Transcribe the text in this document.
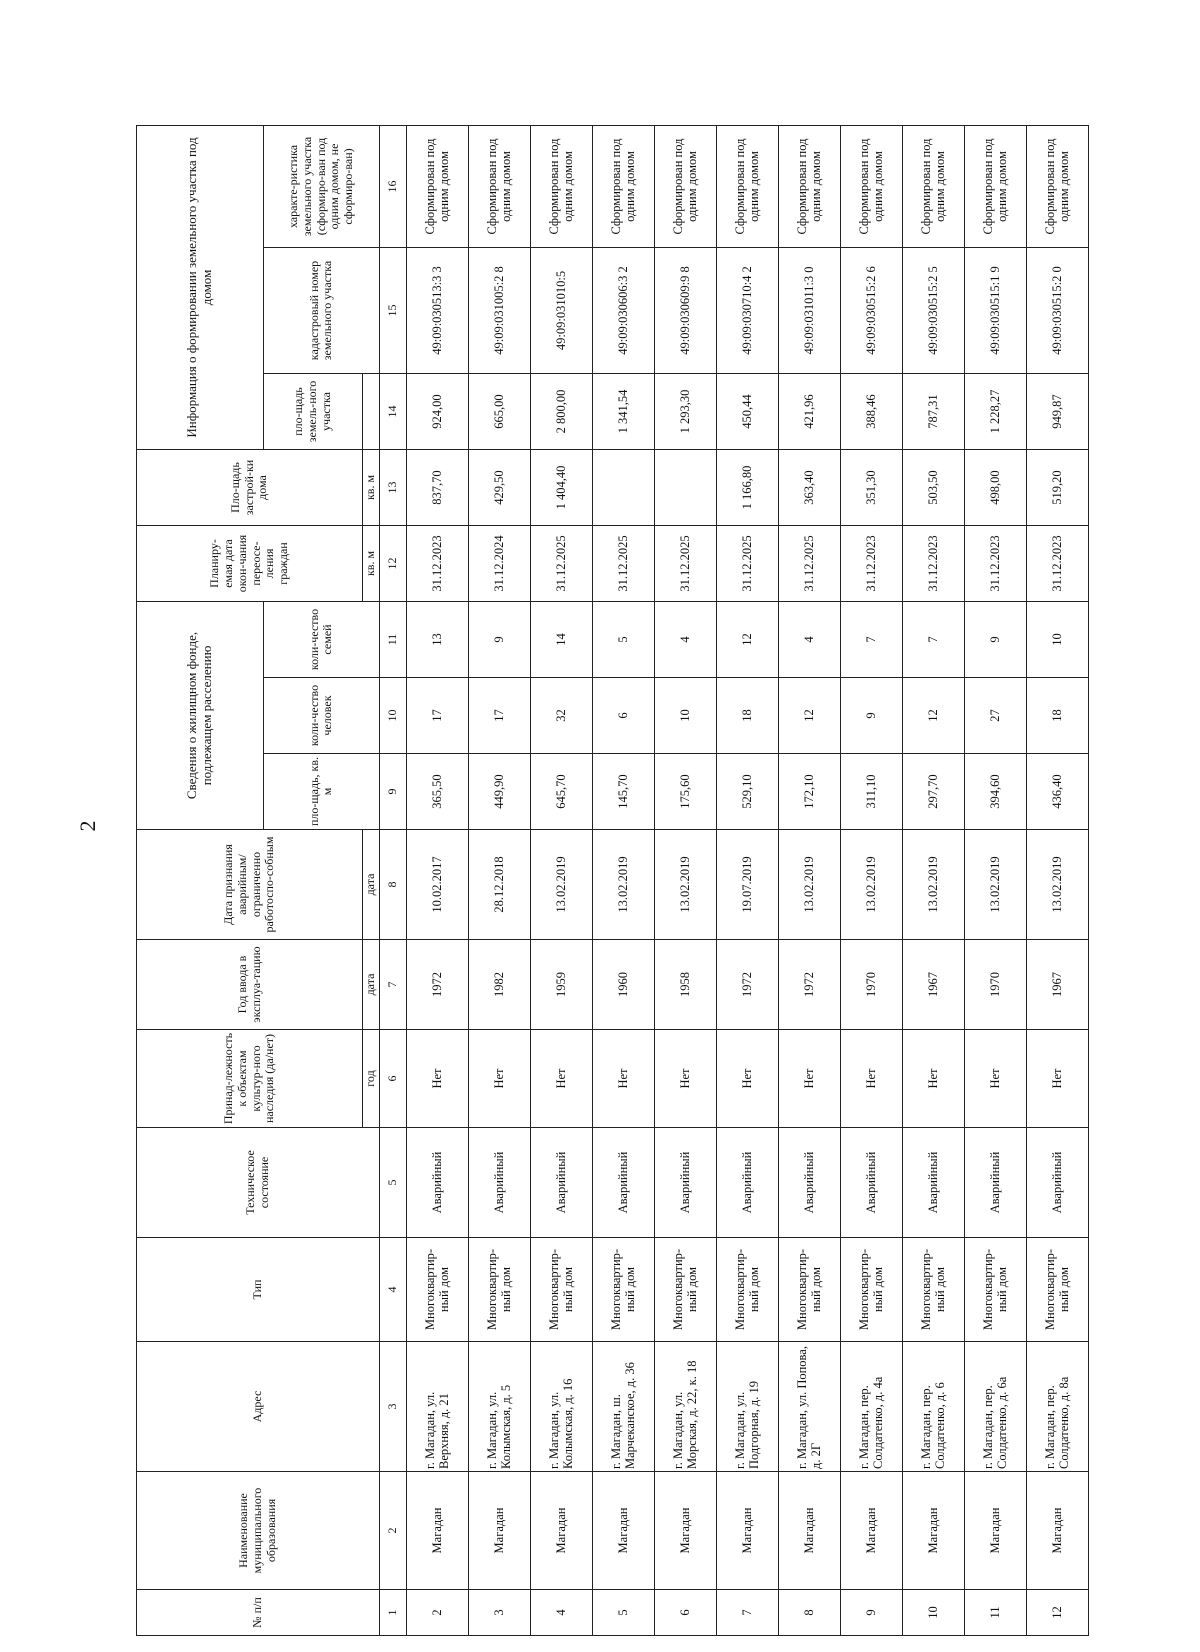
2
№ п/п	Наименование муниципального образования	Адрес	Тип	Техническое состояние	Принад-лежность к объектам культур-ного наследия (да/нет)	Год ввода в эксплуа-тацию	Дата признания аварийным/ ограниченно работоспо-собным	Сведения о жилищном фонде, подлежащем расселению			Планиру-емая дата окон-чания переосе-ления граждан	Пло-щадь застрой-ки дома	Информация о формировании земельного участка под домом		
								пло-щадь, кв. м	коли-чество человек	коли-чество семей			пло-щадь земель-ного участка	кадастровый номер земельного участка	характе-ристика земельного участка (сформиро-ван под одним домом, не сформиро-ван)
					год	дата	дата				кв. м	кв. м			
1	2	3	4	5	6	7	8	9	10	11	12	13	14	15	16
2	Магадан	г. Магадан, ул. Верхняя, д. 21	Многоквартир-ный дом	Аварийный	Нет	1972	10.02.2017	365,50	17	13	31.12.2023	837,70	924,00	49:09:030513:3 3	Сформирован под одним домом
3	Магадан	г. Магадан, ул. Колымская, д. 5	Многоквартир-ный дом	Аварийный	Нет	1982	28.12.2018	449,90	17	9	31.12.2024	429,50	665,00	49:09:031005:2 8	Сформирован под одним домом
4	Магадан	г. Магадан, ул. Колымская, д. 16	Многоквартир-ный дом	Аварийный	Нет	1959	13.02.2019	645,70	32	14	31.12.2025	1 404,40	2 800,00	49:09:031010:5	Сформирован под одним домом
5	Магадан	г. Магадан, ш. Марчеканское, д. 36	Многоквартир-ный дом	Аварийный	Нет	1960	13.02.2019	145,70	6	5	31.12.2025		1 341,54	49:09:030606:3 2	Сформирован под одним домом
6	Магадан	г. Магадан, ул. Морская, д. 22, к. 18	Многоквартир-ный дом	Аварийный	Нет	1958	13.02.2019	175,60	10	4	31.12.2025		1 293,30	49:09:030609:9 8	Сформирован под одним домом
7	Магадан	г. Магадан, ул. Подгорная, д. 19	Многоквартир-ный дом	Аварийный	Нет	1972	19.07.2019	529,10	18	12	31.12.2025	1 166,80	450,44	49:09:030710:4 2	Сформирован под одним домом
8	Магадан	г. Магадан, ул. Попова, д. 2Г	Многоквартир-ный дом	Аварийный	Нет	1972	13.02.2019	172,10	12	4	31.12.2025	363,40	421,96	49:09:031011:3 0	Сформирован под одним домом
9	Магадан	г. Магадан, пер. Солдатенко, д. 4а	Многоквартир-ный дом	Аварийный	Нет	1970	13.02.2019	311,10	9	7	31.12.2023	351,30	388,46	49:09:030515:2 6	Сформирован под одним домом
10	Магадан	г. Магадан, пер. Солдатенко, д. 6	Многоквартир-ный дом	Аварийный	Нет	1967	13.02.2019	297,70	12	7	31.12.2023	503,50	787,31	49:09:030515:2 5	Сформирован под одним домом
11	Магадан	г. Магадан, пер. Солдатенко, д. 6а	Многоквартир-ный дом	Аварийный	Нет	1970	13.02.2019	394,60	27	9	31.12.2023	498,00	1 228,27	49:09:030515:1 9	Сформирован под одним домом
12	Магадан	г. Магадан, пер. Солдатенко, д. 8а	Многоквартир-ный дом	Аварийный	Нет	1967	13.02.2019	436,40	18	10	31.12.2023	519,20	949,87	49:09:030515:2 0	Сформирован под одним домом
